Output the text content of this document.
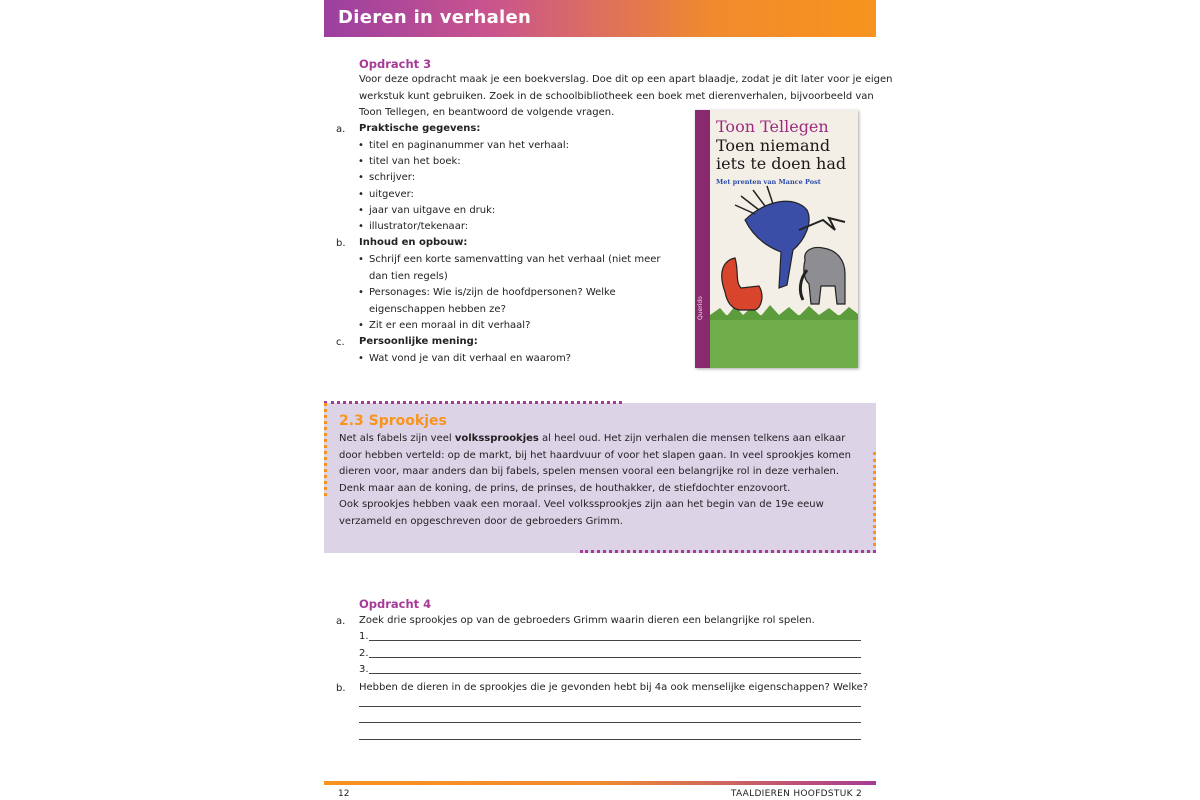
Dieren in verhalen
Opdracht 3
Voor deze opdracht maak je een boekverslag. Doe dit op een apart blaadje, zodat je dit later voor je eigen
werkstuk kunt gebruiken. Zoek in de schoolbibliotheek een boek met dierenverhalen, bijvoorbeeld van
Toon Tellegen, en beantwoord de volgende vragen.
a. Praktische gegevens:
• titel en paginanummer van het verhaal:
• titel van het boek:
• schrijver:
• uitgever:
• jaar van uitgave en druk:
• illustrator/tekenaar:
b. Inhoud en opbouw:
• Schrijf een korte samenvatting van het verhaal (niet meer dan tien regels)
• Personages: Wie is/zijn de hoofdpersonen? Welke eigenschappen hebben ze?
• Zit er een moraal in dit verhaal?
c. Persoonlijke mening:
• Wat vond je van dit verhaal en waarom?
Querido
Toon Tellegen
Toen niemand iets te doen had
Met prenten van Mance Post
2.3 Sprookjes

Net als fabels zijn veel volkssprookjes al heel oud. Het zijn verhalen die mensen telkens aan elkaar door hebben verteld: op de markt, bij het haardvuur of voor het slapen gaan. In veel sprookjes komen dieren voor, maar anders dan bij fabels, spelen mensen vooral een belangrijke rol in deze verhalen. Denk maar aan de koning, de prins, de prinses, de houthakker, de stiefdochter enzovoort.

Ook sprookjes hebben vaak een moraal. Veel volkssprookjes zijn aan het begin van de 19e eeuw verzameld en opgeschreven door de gebroeders Grimm.

Opdracht 4
a. Zoek drie sprookjes op van de gebroeders Grimm waarin dieren een belangrijke rol spelen.
1.
2.
3.
b. Hebben de dieren in de sprookjes die je gevonden hebt bij 4a ook menselijke eigenschappen? Welke?
12	TAALDIEREN HOOFDSTUK 2
